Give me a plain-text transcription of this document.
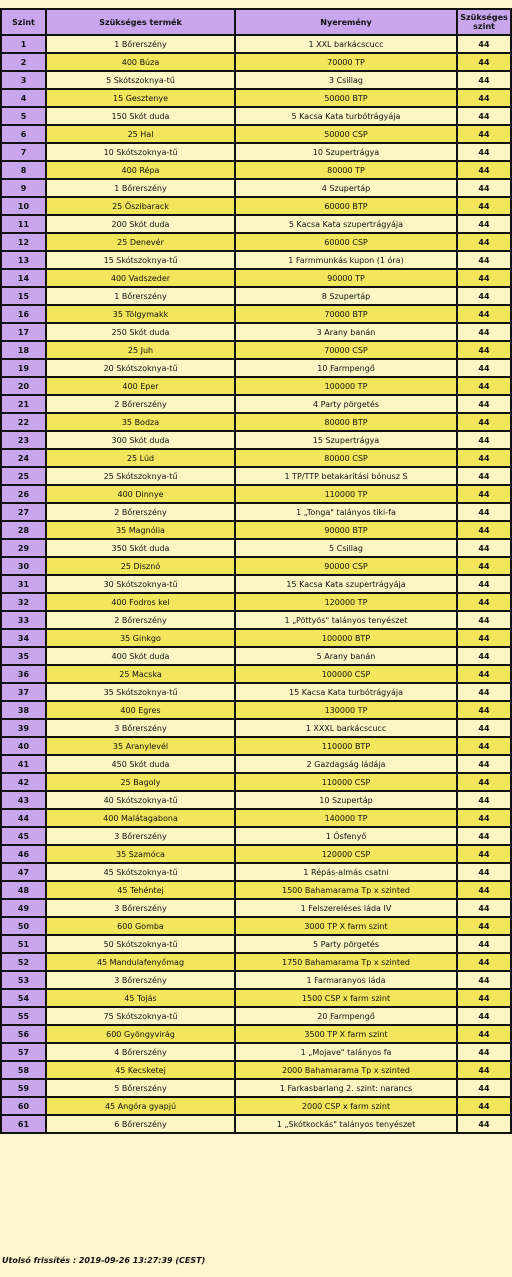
Szint	Szükséges termék	Nyeremény	Szükséges
szint
1	1 Bőrerszény	1 XXL barkácscucc	44
2	400 Búza	70000 TP	44
3	5 Skótszoknya-tű	3 Csillag	44
4	15 Gesztenye	50000 BTP	44
5	150 Skót duda	5 Kacsa Kata turbótrágyája	44
6	25 Hal	50000 CSP	44
7	10 Skótszoknya-tű	10 Szupertrágya	44
8	400 Répa	80000 TP	44
9	1 Bőrerszény	4 Szupertáp	44
10	25 Őszibarack	60000 BTP	44
11	200 Skót duda	5 Kacsa Kata szupertrágyája	44
12	25 Denevér	60000 CSP	44
13	15 Skótszoknya-tű	1 Farmmunkás kupon (1 óra)	44
14	400 Vadszeder	90000 TP	44
15	1 Bőrerszény	8 Szupertáp	44
16	35 Tölgymakk	70000 BTP	44
17	250 Skót duda	3 Arany banán	44
18	25 Juh	70000 CSP	44
19	20 Skótszoknya-tű	10 Farmpengő	44
20	400 Eper	100000 TP	44
21	2 Bőrerszény	4 Party pörgetés	44
22	35 Bodza	80000 BTP	44
23	300 Skót duda	15 Szupertrágya	44
24	25 Lúd	80000 CSP	44
25	25 Skótszoknya-tű	1 TP/TTP betakarítási bónusz S	44
26	400 Dinnye	110000 TP	44
27	2 Bőrerszény	1 „Tonga" talányos tiki-fa	44
28	35 Magnólia	90000 BTP	44
29	350 Skót duda	5 Csillag	44
30	25 Disznó	90000 CSP	44
31	30 Skótszoknya-tű	15 Kacsa Kata szupertrágyája	44
32	400 Fodros kel	120000 TP	44
33	2 Bőrerszény	1 „Pöttyös" talányos tenyészet	44
34	35 Ginkgo	100000 BTP	44
35	400 Skót duda	5 Arany banán	44
36	25 Macska	100000 CSP	44
37	35 Skótszoknya-tű	15 Kacsa Kata turbótrágyája	44
38	400 Egres	130000 TP	44
39	3 Bőrerszény	1 XXXL barkácscucc	44
40	35 Aranylevél	110000 BTP	44
41	450 Skót duda	2 Gazdagság ládája	44
42	25 Bagoly	110000 CSP	44
43	40 Skótszoknya-tű	10 Szupertáp	44
44	400 Malátagabona	140000 TP	44
45	3 Bőrerszény	1 Ősfenyő	44
46	35 Szamóca	120000 CSP	44
47	45 Skótszoknya-tű	1 Répás-almás csatni	44
48	45 Tehéntej	1500 Bahamarama Tp x szinted	44
49	3 Bőrerszény	1 Felszereléses láda IV	44
50	600 Gomba	3000 TP X farm szint	44
51	50 Skótszoknya-tű	5 Party pörgetés	44
52	45 Mandulafenyőmag	1750 Bahamarama Tp x szinted	44
53	3 Bőrerszény	1 Farmaranyos láda	44
54	45 Tojás	1500 CSP x farm szint	44
55	75 Skótszoknya-tű	20 Farmpengő	44
56	600 Gyöngyvirág	3500 TP X farm szint	44
57	4 Bőrerszény	1 „Mojave" talányos fa	44
58	45 Kecsketej	2000 Bahamarama Tp x szinted	44
59	5 Bőrerszény	1 Farkasbarlang 2. szint: narancs	44
60	45 Angóra gyapjú	2000 CSP x farm szint	44
61	6 Bőrerszény	1 „Skótkockás" talányos tenyészet	44
Utolsó frissítés : 2019-09-26 13:27:39 (CEST)
